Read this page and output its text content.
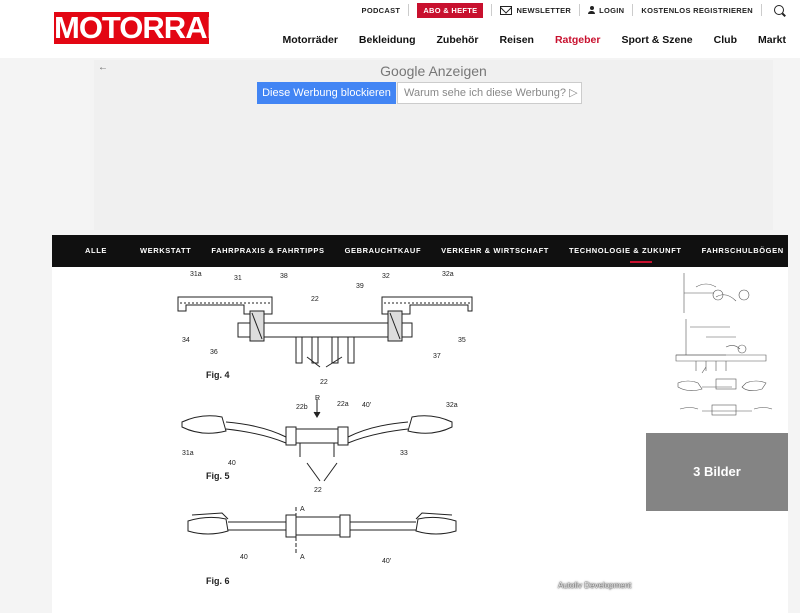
MOTORRAD	PODCAST	ABO & HEFTE	NEWSLETTER	LOGIN	KOSTENLOS REGISTRIEREN
Motorräder Bekleidung Zubehör Reisen Ratgeber Sport & Szene Club Markt
←	Google Anzeigen
Diese Werbung blockieren	Warum sehe ich diese Werbung? ▷
ALLE	WERKSTATT	FAHRPRAXIS & FAHRTIPPS	GEBRAUCHTKAUF	VERKEHR & WIRTSCHAFT	TECHNOLOGIE & ZUKUNFT	FAHRSCHULBÖGEN
31a
31	38	32	32a
22
39
34
36
35
37
22
Fig. 4
22b
R
22a 40'	32a
31a
40
33
22
Fig. 5
A
A
40
40'
Fig. 6	Autoliv Development
3 Bilder
